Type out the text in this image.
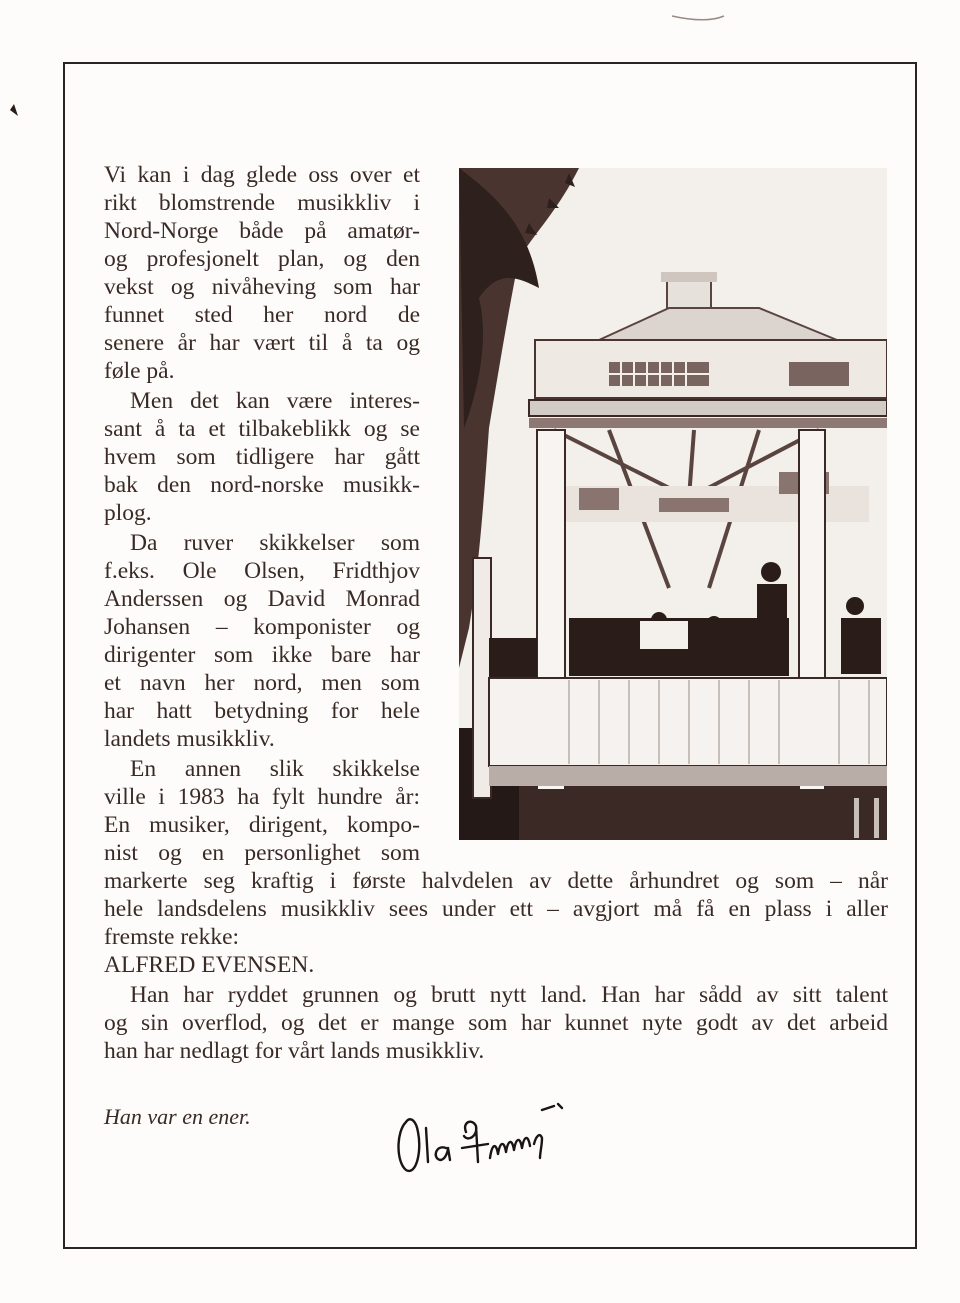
Vi kan i dag glede oss over et
rikt blomstrende musikkliv i
Nord-Norge både på amatør-
og profesjonelt plan, og den
vekst og nivåheving som har
funnet sted her nord de
senere år har vært til å ta og
føle på.
Men det kan være interes-
sant å ta et tilbakeblikk og se
hvem som tidligere har gått
bak den nord-norske musikk-
plog.
Da ruver skikkelser som
f.eks. Ole Olsen, Fridthjov
Anderssen og David Monrad
Johansen – komponister og
dirigenter som ikke bare har
et navn her nord, men som
har hatt betydning for hele
landets musikkliv.
En annen slik skikkelse
ville i 1983 ha fylt hundre år:
En musiker, dirigent, kompo-
nist og en personlighet som
markerte seg kraftig i første halvdelen av dette århundret og som – når
hele landsdelens musikkliv sees under ett – avgjort må få en plass i aller
fremste rekke:
ALFRED EVENSEN.
Han har ryddet grunnen og brutt nytt land. Han har sådd av sitt talent
og sin overflod, og det er mange som har kunnet nyte godt av det arbeid
han har nedlagt for vårt lands musikkliv.
Han var en ener.
